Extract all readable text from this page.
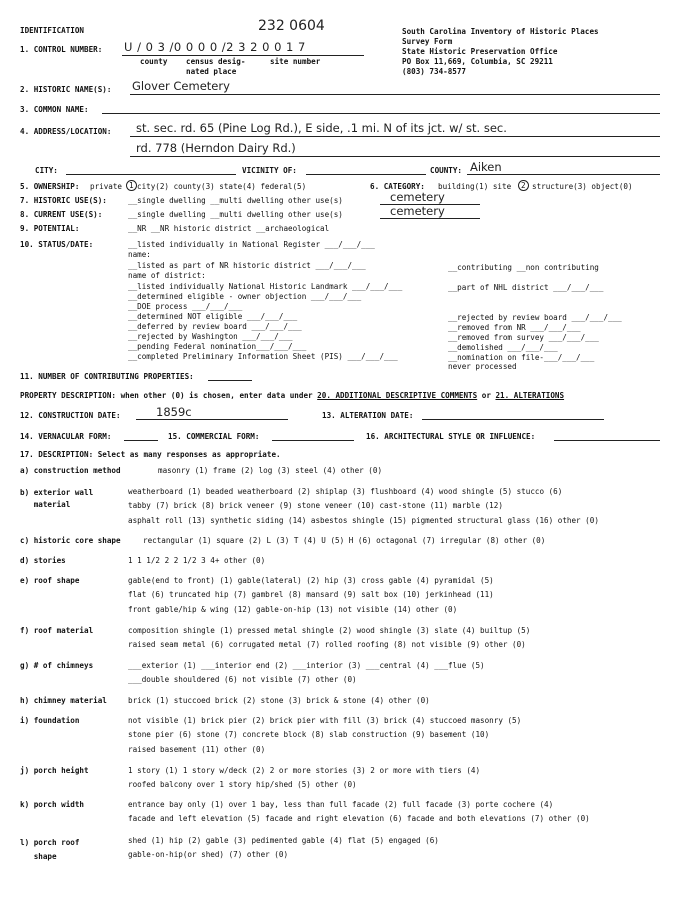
IDENTIFICATION	232 0604	South Carolina Inventory of Historic Places
Survey Form
State Historic Preservation Office
PO Box 11,669, Columbia, SC 29211
(803) 734-8577
1. CONTROL NUMBER: U / 0 3 /0 0 0 0 /2 3 2 0 0 1 7
county census desig-
nated place
site number
2. HISTORIC NAME(S): Glover Cemetery
3. COMMON NAME:
4. ADDRESS/LOCATION: st. sec. rd. 65 (Pine Log Rd.), E side, .1 mi. N of its jct. w/ st. sec.
rd. 778 (Herndon Dairy Rd.)
CITY:	VICINITY OF:	COUNTY: Aiken
5. OWNERSHIP: private 1 city(2) county(3) state(4) federal(5)	6. CATEGORY: building(1) site	2 structure(3) object(0)
7. HISTORIC USE(S):	__single dwelling __multi dwelling other use(s)	cemetery
8. CURRENT USE(S):	__single dwelling __multi dwelling other use(s)	cemetery
9. POTENTIAL:	__NR __NR historic district __archaeological
10. STATUS/DATE:	__listed individually in National Register ___/___/___
name:
__listed as part of NR historic district ___/___/___
name of district:
__listed individually National Historic Landmark ___/___/___
__determined eligible - owner objection ___/___/___
__DOE process ___/___/___
__determined NOT eligible ___/___/___
__deferred by review board ___/___/___
__rejected by Washington ___/___/___
__pending Federal nomination___/___/___
__completed Preliminary Information Sheet (PIS) ___/___/___
__contributing __non contributing
__part of NHL district ___/___/___
__rejected by review board ___/___/___
__removed from NR ___/___/___
__removed from survey ___/___/___
__demolished ___/___/___
__nomination on file-___/___/___
never processed
11. NUMBER OF CONTRIBUTING PROPERTIES:
PROPERTY DESCRIPTION: when other (0) is chosen, enter data under 20. ADDITIONAL DESCRIPTIVE COMMENTS or 21. ALTERATIONS
12. CONSTRUCTION DATE:	1859c	13. ALTERATION DATE:
14. VERNACULAR FORM:	15. COMMERCIAL FORM:	16. ARCHITECTURAL STYLE OR INFLUENCE:
17. DESCRIPTION: Select as many responses as appropriate.
a) construction method	masonry (1) frame (2) log (3) steel (4) other (0)
b) exterior wall
material
weatherboard (1) beaded weatherboard (2) shiplap (3) flushboard (4) wood shingle (5) stucco (6)
tabby (7) brick (8) brick veneer (9) stone veneer (10) cast-stone (11) marble (12)
asphalt roll (13) synthetic siding (14) asbestos shingle (15) pigmented structural glass (16) other (0)
c) historic core shape	rectangular (1) square (2) L (3) T (4) U (5) H (6) octagonal (7) irregular (8) other (0)
d) stories	1 1 1/2 2 2 1/2 3 4+ other (0)
e) roof shape	gable(end to front) (1) gable(lateral) (2) hip (3) cross gable (4) pyramidal (5)
flat (6) truncated hip (7) gambrel (8) mansard (9) salt box (10) jerkinhead (11)
front gable/hip & wing (12) gable-on-hip (13) not visible (14) other (0)
f) roof material	composition shingle (1) pressed metal shingle (2) wood shingle (3) slate (4) builtup (5)
raised seam metal (6) corrugated metal (7) rolled roofing (8) not visible (9) other (0)
g) # of chimneys	___exterior (1) ___interior end (2) ___interior (3) ___central (4) ___flue (5)
___double shouldered (6) not visible (7) other (0)
h) chimney material	brick (1) stuccoed brick (2) stone (3) brick & stone (4) other (0)
i) foundation	not visible (1) brick pier (2) brick pier with fill (3) brick (4) stuccoed masonry (5)
stone pier (6) stone (7) concrete block (8) slab construction (9) basement (10)
raised basement (11) other (0)
j) porch height	1 story (1) 1 story w/deck (2) 2 or more stories (3) 2 or more with tiers (4)
roofed balcony over 1 story hip/shed (5) other (0)
k) porch width	entrance bay only (1) over 1 bay, less than full facade (2) full facade (3) porte cochere (4)
facade and left elevation (5) facade and right elevation (6) facade and both elevations (7) other (0)
l) porch roof
shape
shed (1) hip (2) gable (3) pedimented gable (4) flat (5) engaged (6)
gable-on-hip(or shed) (7) other (0)
